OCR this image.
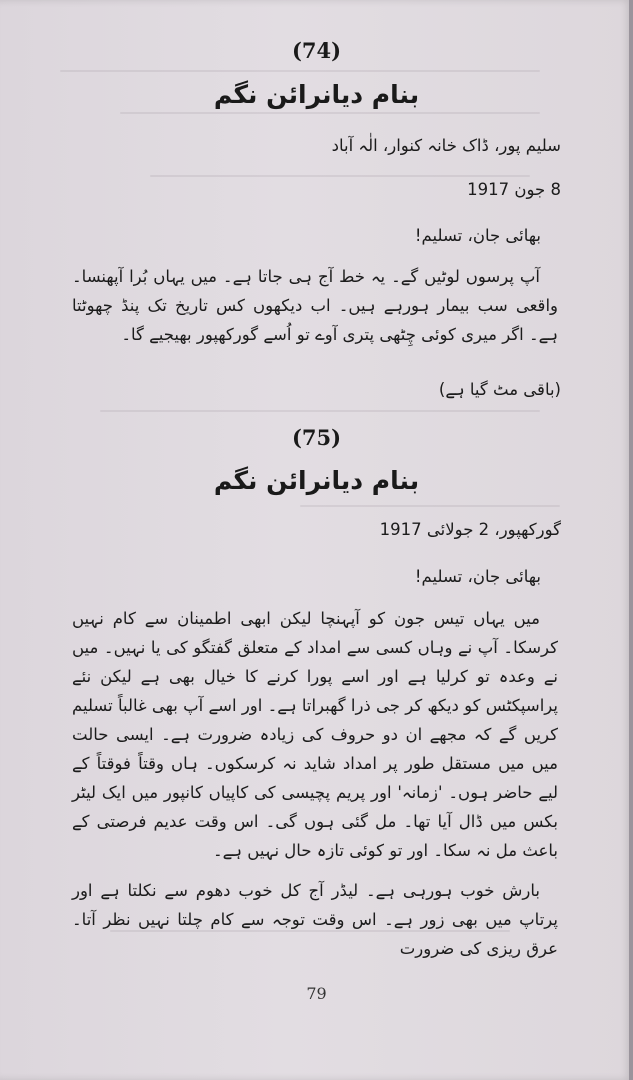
(74)
بنام دیانرائن نگم
سلیم پور، ڈاک خانہ کنوار، الٰہ آباد
8 جون 1917
بھائی جان، تسلیم!
آپ پرسوں لوٹیں گے۔ یہ خط آج ہی جاتا ہے۔ میں یہاں بُرا آپھنسا۔ واقعی سب بیمار ہورہے ہیں۔ اب دیکھوں کس تاریخ تک پنڈ چھوٹتا ہے۔ اگر میری کوئی چِٹھی پتری آوے تو اُسے گورکھپور بھیجیے گا۔
(باقی مٹ گیا ہے)
(75)
بنام دیانرائن نگم
گورکھپور، 2 جولائی 1917
بھائی جان، تسلیم!
میں یہاں تیس جون کو آپہنچا لیکن ابھی اطمینان سے کام نہیں کرسکا۔ آپ نے وہاں کسی سے امداد کے متعلق گفتگو کی یا نہیں۔ میں نے وعدہ تو کرلیا ہے اور اسے پورا کرنے کا خیال بھی ہے لیکن نئے پراسپکٹس کو دیکھ کر جی ذرا گھبراتا ہے۔ اور اسے آپ بھی غالباً تسلیم کریں گے کہ مجھے ان دو حروف کی زیادہ ضرورت ہے۔ ایسی حالت میں میں مستقل طور پر امداد شاید نہ کرسکوں۔ ہاں وقتاً فوقتاً کے لیے حاضر ہوں۔ 'زمانہ' اور پریم پچیسی کی کاپیاں کانپور میں ایک لیٹر بکس میں ڈال آیا تھا۔ مل گئی ہوں گی۔ اس وقت عدیم فرصتی کے باعث مل نہ سکا۔ اور تو کوئی تازہ حال نہیں ہے۔
بارش خوب ہورہی ہے۔ لیڈر آج کل خوب دھوم سے نکلتا ہے اور پرتاپ میں بھی زور ہے۔ اس وقت توجہ سے کام چلتا نہیں نظر آتا۔ عرق ریزی کی ضرورت
79
